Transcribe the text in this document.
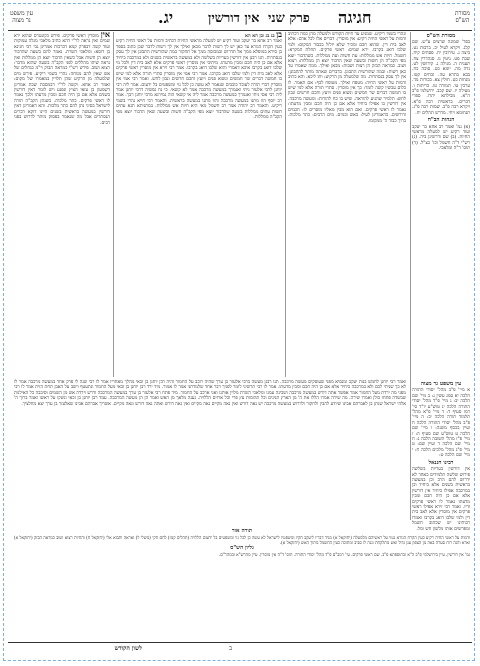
יג.	אין דורשין פרק שני חגיגה
עין משפט
נר מצוה
מסורת
הש"ס
מסורת הש"ס
בפר' שמונה שרצים ע"ש. שם קלג. ויקרא לעיל יב. ברכות נט. ביצה ג. עירובין יח. פסחים קיח. שבת פט. גיטין נו. סנהדרין צח. תענית ה. מגילה ג. קידושין לט. נדה מה. יומא כט. סוכה כח. בבא בתרא עה. זבחים קטז. מנחות כט. חולין צא. בכורות מד. ערכין טו. תמורה טז. כריתות ו. מעילה יז. שם קכב. ירושלמי פ"ב ה"א. מכילתא יתרו. ספרי דברים. בראשית רבה פ"א. ויקרא רבה פ"ב. שמות רבה פ"ג. תנחומא ויחי. מדרש תהלים יח.
הגהות הב"ח
(א) גמ' ואמר רב אחא בר יעקב ועוד רקיע יש למעלה מראשי החיות. (ב) שם ודרשינן ביה. (ג) רש"י ד"ה חשמל וכו' כצ"ל. (ד) תוס' ד"ה ומלאכי.
ונהרי בשמי ריקיע. שמגיע עד חיות הקודש ולמעלה מהן כמה דכתיב ודמות על ראשי החיה רקיע: אין מוסרין. דברים אלו לכל אדם: אלא לאב בית דין. שהוא חכם ומכיר שלא יזלזל בכבוד המקום: ולמי שלבו דואג בקרבו. ירא שמים: ראשי פרקים. תחלת המקרא: חשמל. חיות אש ממללות: עת חשות ועת ממללות. כשהדבור יוצא מפי הקב"ה הן חשות ובשעה שאין הדבור יוצא הן ממללות: רצוא ושוב. כמראה הבזק הן רצות ושבות: מכאן ואילך. ממה שאמרו עד כאן רשות: ובמה שהורשית התבונן. בדברים שאתה מותר להתבונן: אין לך עסק בנסתרות. מה שלמעלה מן הרקיע: ותו ליכא. והא כתיב ודמות על ראשי החיה: מטפח ואילך. מטופח לכף: אם תאמר. לו כלום עכשיו קשה לומר: כך אין מוסרין. סתרי תורה אלא למי שיש בו חמשה דברים שר חמשים ונשוא פנים ויועץ וחכם חרשים ונבון לחש: תלמיד שהגיע להוראה. שיש בו כח להורות: ומעשה מרכבה. אין דורשין בו אפילו ביחיד אלא אם כן היה חכם ומבין מדעתו: נאמר לו ראשי פרקים. ואם הוא מבין מאליו מוסרים לו: חכמים ודורשים. כדאמרינן לעיל: באש ובמים. מים הרבים: כתר מלכות. ברוך כבוד ה' ממקומו.
בן בג בג ובן הא הא
ואמר רב אחא בר יעקב ועוד רקיע יש למעלה מראשי החיות דכתיב ודמות על ראשי החיה רקיע כעין הקרח הנורא עד כאן יש לך רשות לדבר מכאן ואילך אין לך רשות לדבר שכן כתוב בספר בן סירא במופלא ממך אל תדרוש ובמכוסה ממך אל תחקור במה שהורשית התבונן אין לך עסק בנסתרות. תנו רבנן אין דורשין בעריות בשלשה ולא במעשה בראשית בשנים ולא במרכבה ביחיד אלא אם כן היה חכם ומבין מדעתו. מיתיבי אין מוסרין ראשי פרקים אלא לאב בית דין ולכל מי שלבו דואג בקרבו איכא דאמרי והוא שלבו דואג בקרבו. אמר רבי זירא אין מוסרין ראשי פרקים אלא לאב בית דין ולמי שלבו דואג בקרבו. אמר רבי אמי אין מוסרין סתרי תורה אלא למי שיש בו חמשה דברים שר חמשים ונשוא פנים ויועץ וחכם חרשים ונבון לחש. ואמר רבי אמי אין מוסרין דברי תורה לעובד כוכבים שנאמר לא עשה כן לכל גוי ומשפטים בל ידעום. אמר ליה רבי יוחנן לרבי אלעזר ניתי ואגמרך במעשה מרכבה אמר לא קשאי. כי נח נפשיה דרבי יוחנן אמר ליה רבי אסי ניתי ואגמרך במעשה מרכבה אמר ליה אי קשאי הוה גמירנא מרבי יוחנן רבך. אמר רב יוסף הוו מתנו במעשה מרכבה והוו מתנו במעשה בראשית. והאמר רבי חייא נהרי בשמי ריקיע. והאמר רב יהודה אמר רב חשמל מאי היא חיות אש ממללות. במתניתא תנא עתים חשות עתים ממללות בשעה שהדבור יוצא מפי הקב"ה חשות ובשעה שאין הדבור יוצא מפי הקב"ה ממללות.
אין מוסרין ראשי פרקים. פירש בקונטרס שהוא ירא שמים ואין נראה לר"י דהא כתיב מלאכי מגלה עמוקות ועוד קשה דבפרק קמא דברכות אמרינן גבי רבי חנינא בן דוסא: ומלאכי השרת. נאמר להם בשעה שהדבור יוצא הן חשות אבל כשאין הדבור יוצא הן ממללות ואין נראה שיהו מהללים לפני הקב"ה בשעה שהוא מדבר: רצוא ושוב. פירש רש"י כמראה הבזק וי"מ כגחלים של אש שאין להם מנוחה: נהרי בשמי ריקיע. פירש מים שלמעלה מן הרקיע שהן תלויין במאמרו של מקום: ואמר רב אחא. וקשה לר"י דבמסכת שבת אמרינן דשמעון בן עזאי הציץ ונפגע ויש לומר דאין דורשין בשנים אלא אם כן היה חכם ומבין מדעתו ולכך נאמר לו ראשי פרקים. כתר מלכות. כשנתן הקב"ה תורה לישראל בסיני נתן להם כתר מלכות. והא דאמרינן דאין דורשין במעשה בראשית בשנים היינו דוקא דברים הנסתרים אבל מה שנאמר בפסוק מותר לדרוש בפני רבים.
ואמר רבי יוחנן לחמש בנות יעקב ומנסיא מפני שעוסקים מעשה מרכבה. תנו רבנן מעשה ברבי אלעזר בן ערך שהיה רוכב על החמור והיה רבן יוחנן בן זכאי מהלך מאחריו אמר לו רבי שנה לי פרק אחד במעשה מרכבה אמר לו לא כך שניתי לכם ולא במרכבה ביחיד אלא אם כן היה חכם ומבין מדעתו. אמר לו רבי תרשיני לומר לפניך דבר אחד שלמדתני אמר לו אמור. מיד ירד רבן יוחנן בן זכאי מעל החמור ונתעטף וישב על האבן תחת הזית אמר לו רבי מפני מה ירדת מעל החמור אמר אפשר אתה דורש במעשה מרכבה ושכינה עמנו ומלאכי השרת מלוין אותנו ואני ארכב על החמור. מיד פתח רבי אלעזר בן ערך במעשה המרכבה ודרש וירדה אש מן השמים וסיבבה כל האילנות שבשדה פתחו כולן ואמרו שירה. מה שירה אמרו הללו את ה' מן הארץ תנינים וכל תהומות עץ פרי וכל ארזים הללויה. נענה מלאך מן האש ואמר הן הן מעשה המרכבה. עמד רבן יוחנן בן זכאי ונשקו על ראשו ואמר ברוך ה' אלהי ישראל שנתן בן לאברהם אבינו שיודע להבין ולחקור ולדרוש במעשה מרכבה יש נאה דורש ואין נאה מקיים נאה מקיים ואין נאה דורש ואתה נאה דורש ונאה מקיים. אשריך אברהם אבינו שאלעזר בן ערך יצא מחלציך.
תורה אור
ודמות על ראשי החיה רקיע כעין הקרח הנורא נטוי על ראשיהם מלמעלה (יחזקאל א) מגיד דבריו ליעקב חקיו ומשפטיו לישראל לא עשה כן לכל גוי ומשפטים בל ידעום הללויה (תהלים קמז) לחם חקי (משלי ל) ואראה ותבוא אלי (יחזקאל ח) והחיות רצוא ושוב כמראה הבזק (יחזקאל א) וארא והנה רוח סערה באה מן הצפון ענן גדול ואש מתלקחת ונגה לו סביב ומתוכה כעין החשמל מתוך האש (יחזקאל א).
גליון הש"ס
גמ' אין דורשין. עיין בירושלמי פ"ב ה"א ובתוספתא פ"ב. שם ראשי פרקים. עי' רמב"ם פ"ד מהל' יסודי התורה. תוס' ד"ה אין מוסרין. עיין מהרש"א ובמהר"ם.
עין משפט נר מצוה
א מיי' פ"ב מהל' יסודי התורה הלכה יא סמג עשין ג: ב מיי' שם הלכה יב: ג מיי' פ"ד מהל' יסודי התורה הלכה יג טוש"ע יו"ד סי' רמו סעיף ד: ד מיי' פ"א מהל' תלמוד תורה הלכה יב: ה מיי' פ"ב מהל' יסודי התורה הלכה ח ועיין בכסף משנה: ו מיי' שם הלכה ט טוש"ע שם סעיף ה: ז מיי' פ"ז מהל' תשובה הלכה ג: ח מיי' שם הלכה ד ועיין שם: ט מיי' פ"ג מהל' מלכים הלכה ח: י מיי' שם הלכה ט:
רבינו חננאל
אין דורשין בעריות בשלשה פירוש שלשה תלמידים כאחד לא ידרוש להם הרב וכן במעשה בראשית בשנים אלא ביחיד וכן במרכבה אפילו ביחיד אין דורשין אלא אם כן היה חכם ומבין מדעתו נאמר לו ראשי פרקים ודיו. ואמר רבי זירא אפילו ראשי פרקים אין מוסרין אלא לאב בית דין ולמי שלבו דואג בקרבו ואמרו רבותינו יש שכתוב חשמל ומפרשים אותו מלשון חש ומל.
לשון הקודש	ב
